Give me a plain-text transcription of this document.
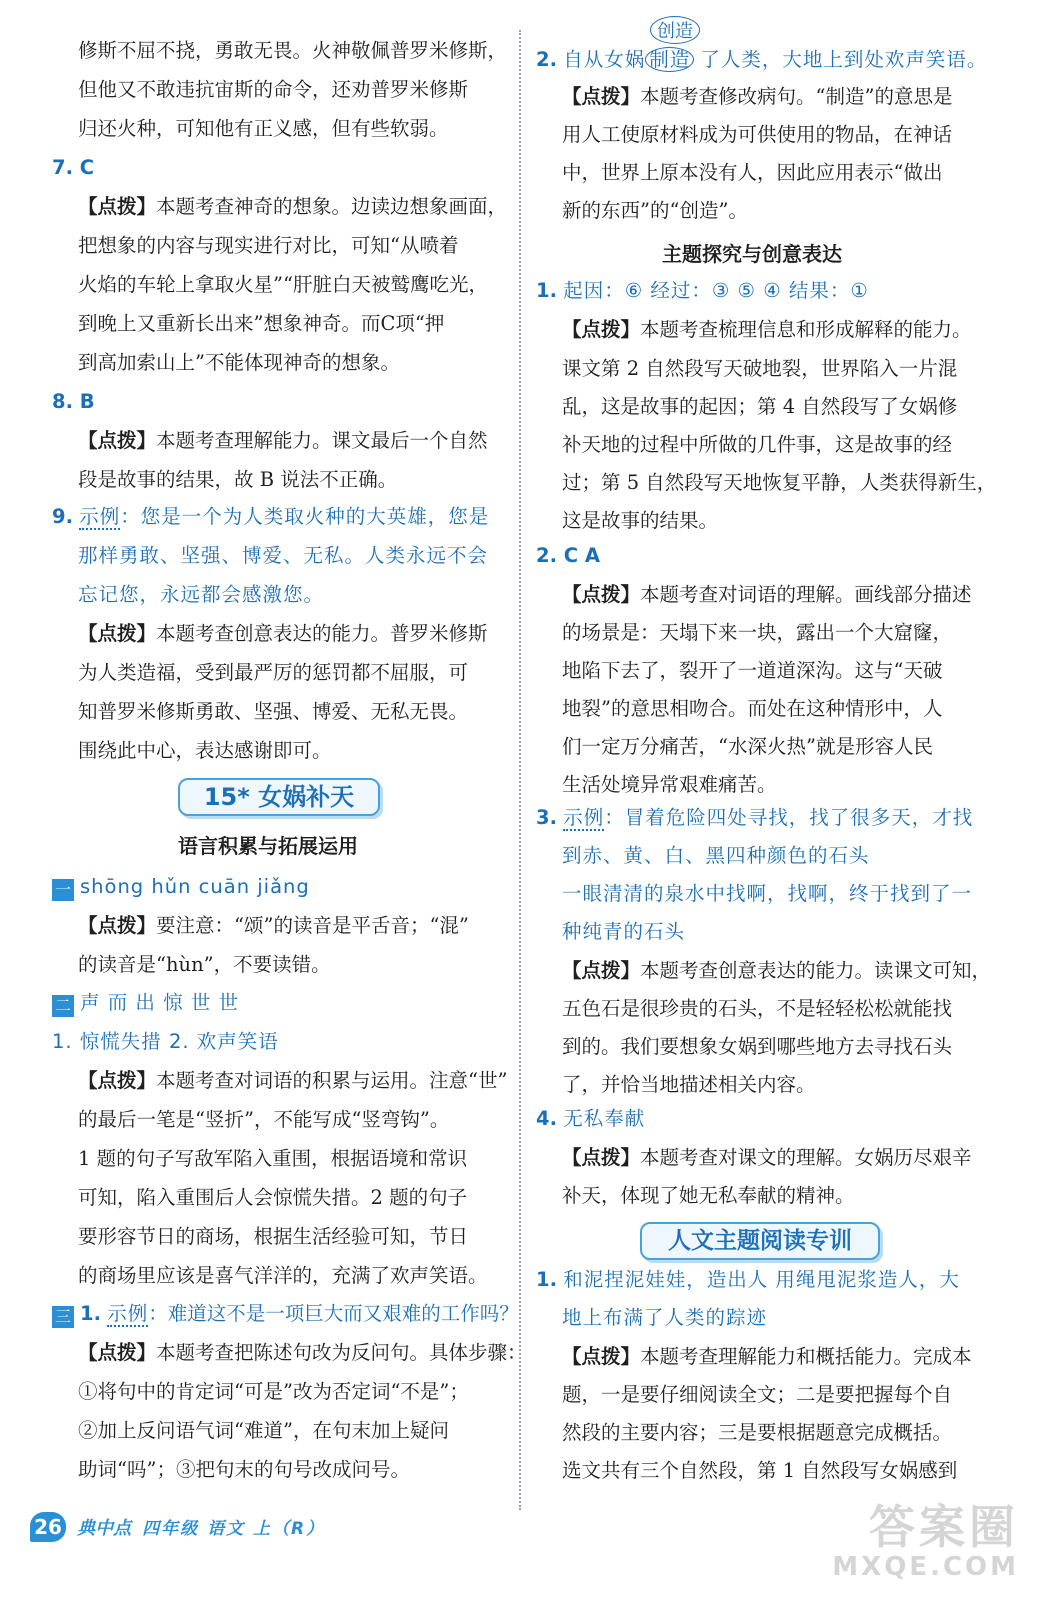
修斯不屈不挠，勇敢无畏。火神敬佩普罗米修斯，
但他又不敢违抗宙斯的命令，还劝普罗米修斯
归还火种，可知他有正义感，但有些软弱。
7. C
【点拨】本题考查神奇的想象。边读边想象画面，
把想象的内容与现实进行对比，可知“从喷着
火焰的车轮上拿取火星”“肝脏白天被鹫鹰吃光，
到晚上又重新长出来”想象神奇。而C项“押
到高加索山上”不能体现神奇的想象。
8. B
【点拨】本题考查理解能力。课文最后一个自然
段是故事的结果，故 B 说法不正确。
9. 示例：您是一个为人类取火种的大英雄，您是
那样勇敢、坚强、博爱、无私。人类永远不会
忘记您，永远都会感激您。
【点拨】本题考查创意表达的能力。普罗米修斯
为人类造福，受到最严厉的惩罚都不屈服，可
知普罗米修斯勇敢、坚强、博爱、无私无畏。
围绕此中心，表达感谢即可。
15* 女娲补天
语言积累与拓展运用
一 shōng hǔn cuān jiǎng
【点拨】要注意：“颂”的读音是平舌音；“混”
的读音是“hùn”，不要读错。
二 声 而 出 惊 世 世
1. 惊慌失措 2. 欢声笑语
【点拨】本题考查对词语的积累与运用。注意“世”
的最后一笔是“竖折”，不能写成“竖弯钩”。
1 题的句子写敌军陷入重围，根据语境和常识
可知，陷入重围后人会惊慌失措。2 题的句子
要形容节日的商场，根据生活经验可知，节日
的商场里应该是喜气洋洋的，充满了欢声笑语。
三 1. 示例：难道这不是一项巨大而又艰难的工作吗？
【点拨】本题考查把陈述句改为反问句。具体步骤：
①将句中的肯定词“可是”改为否定词“不是”；
②加上反问语气词“难道”，在句末加上疑问
助词“吗”；③把句末的句号改成问号。
创造
2. 自从女娲 制造 了人类，大地上到处欢声笑语。
【点拨】本题考查修改病句。“制造”的意思是
用人工使原材料成为可供使用的物品，在神话
中，世界上原本没有人，因此应用表示“做出
新的东西”的“创造”。
主题探究与创意表达
1. 起因：⑥ 经过：③ ⑤ ④ 结果：①
【点拨】本题考查梳理信息和形成解释的能力。
课文第 2 自然段写天破地裂，世界陷入一片混
乱，这是故事的起因；第 4 自然段写了女娲修
补天地的过程中所做的几件事，这是故事的经
过；第 5 自然段写天地恢复平静，人类获得新生，
这是故事的结果。
2. C A
【点拨】本题考查对词语的理解。画线部分描述
的场景是：天塌下来一块，露出一个大窟窿，
地陷下去了，裂开了一道道深沟。这与“天破
地裂”的意思相吻合。而处在这种情形中，人
们一定万分痛苦，“水深火热”就是形容人民
生活处境异常艰难痛苦。
3. 示例：冒着危险四处寻找，找了很多天，才找
到赤、黄、白、黑四种颜色的石头
一眼清清的泉水中找啊，找啊，终于找到了一
种纯青的石头
【点拨】本题考查创意表达的能力。读课文可知，
五色石是很珍贵的石头，不是轻轻松松就能找
到的。我们要想象女娲到哪些地方去寻找石头
了，并恰当地描述相关内容。
4. 无私奉献
【点拨】本题考查对课文的理解。女娲历尽艰辛
补天，体现了她无私奉献的精神。
人文主题阅读专训
1. 和泥捏泥娃娃，造出人 用绳甩泥浆造人，大
地上布满了人类的踪迹
【点拨】本题考查理解能力和概括能力。完成本
题，一是要仔细阅读全文；二是要把握每个自
然段的主要内容；三是要根据题意完成概括。
选文共有三个自然段，第 1 自然段写女娲感到
26 典中点 四年级 语文 上（R）	答案圈
MXQE.COM
